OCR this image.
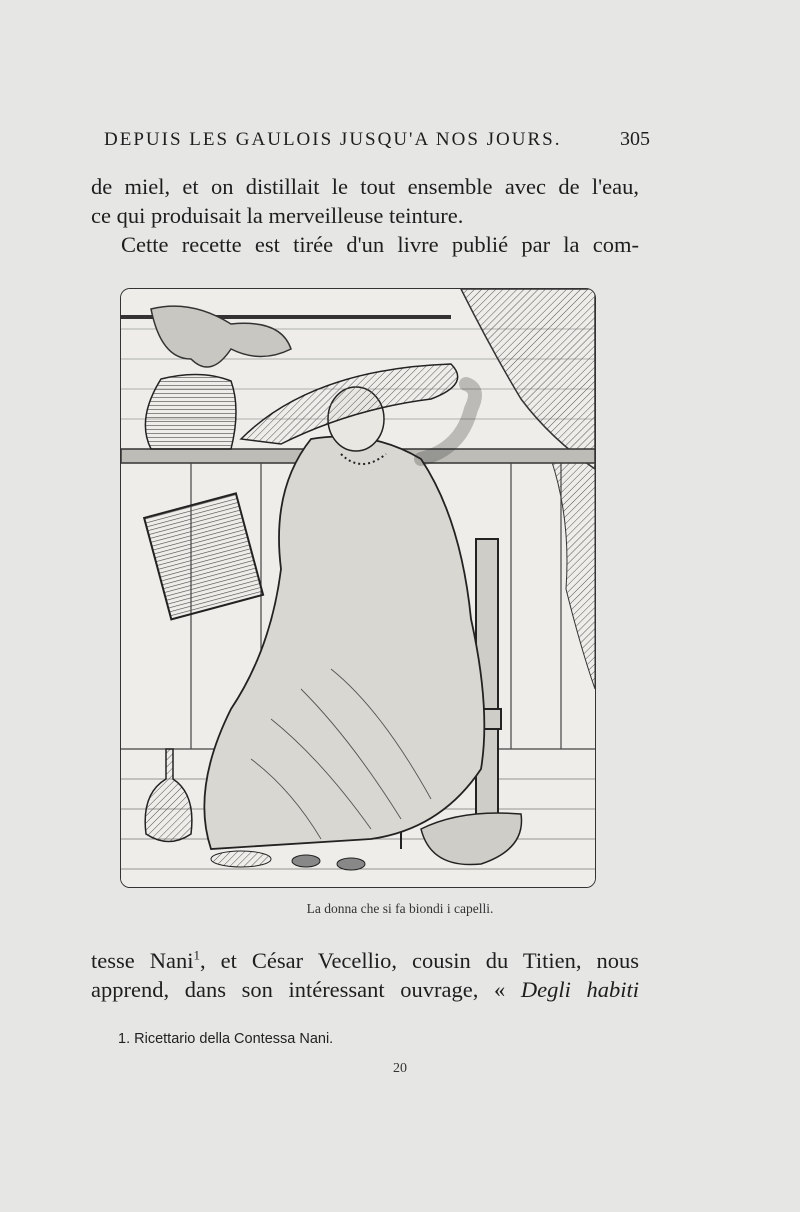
DEPUIS LES GAULOIS JUSQU'A NOS JOURS.	305
de miel, et on distillait le tout ensemble avec de l'eau,
ce qui produisait la merveilleuse teinture.
Cette recette est tirée d'un livre publié par la com-
La donna che si fa biondi i capelli.
tesse Nani$^1$, et César Vecellio, cousin du Titien, nous
apprend, dans son intéressant ouvrage, « Degli habiti
1. Ricettario della Contessa Nani.
20
